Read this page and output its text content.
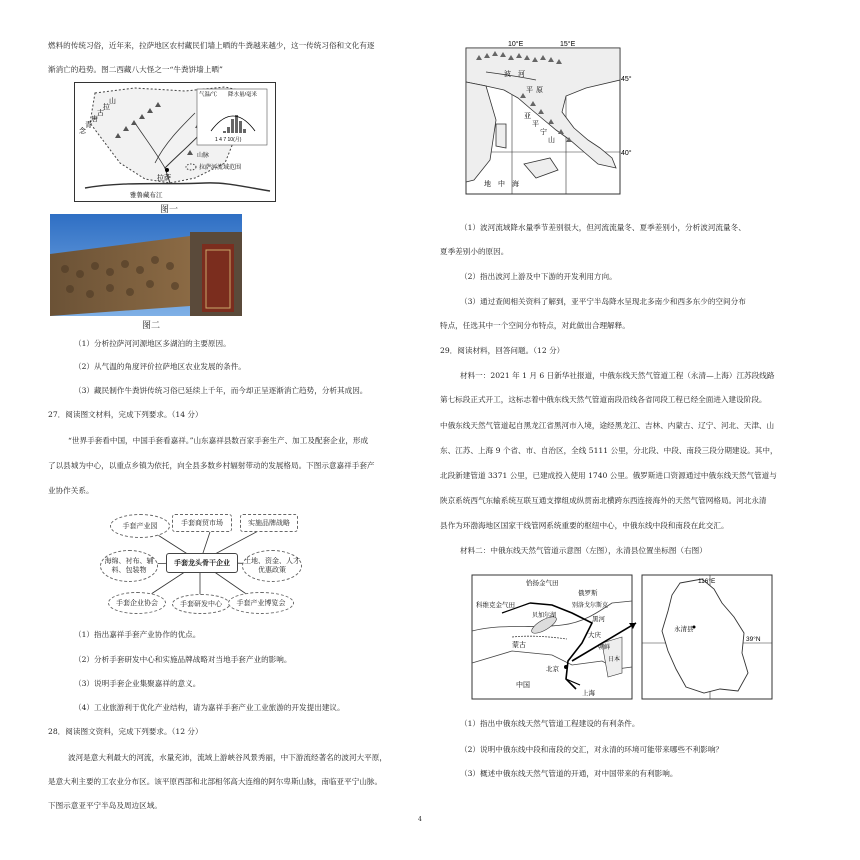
燃料的传统习俗，近年来，拉萨地区农村藏民们墙上晒的牛粪越来越少，这一传统习俗和文化有逐
渐消亡的趋势。图二西藏八大怪之一“牛粪饼墙上晒”
念
青
唐
古
拉
山
拉萨
雅鲁藏布江
气温/℃ 降水量/毫米
1 4 7 10(月)
山脉
拉萨河流域范围
图一
图二
（1）分析拉萨河河源地区多湖泊的主要原因。
（2）从气温的角度评价拉萨地区农业发展的条件。
（3）藏民制作牛粪饼传统习俗已延续上千年，而今却正呈逐渐消亡趋势，分析其成因。
27．阅读图文材料，完成下列要求。（14 分）
“世界手套看中国，中国手套看嘉祥。”山东嘉祥县数百家手套生产、加工及配套企业，形成
了以县城为中心，以重点乡镇为依托，向全县多数乡村辐射带动的发展格局。下图示意嘉祥手套产
业协作关系。
手套产业园	手套商贸市场	实施品牌战略
海绵、衬布、辅料、包装物
手套龙头骨干企业	土地、资金、人才优惠政策
手套企业协会	手套研发中心	手套产业博览会
（1）指出嘉祥手套产业协作的优点。
（2）分析手套研发中心和实施品牌战略对当地手套产业的影响。
（3）说明手套企业集聚嘉祥的意义。
（4）工业旅游利于优化产业结构，请为嘉祥手套产业工业旅游的开发提出建议。
28．阅读图文资料，完成下列要求。（12 分）
波河是意大利最大的河流，水量充沛，流域上游峡谷风景秀丽，中下游流经著名的波河大平原，
是意大利主要的工农业分布区。该平原西部和北部相邻高大连绵的阿尔卑斯山脉，南临亚平宁山脉。
下图示意亚平宁半岛及周边区域。
10°E	15°E
45°
40°
波 河
平 原
亚
平
宁
山
地 中 海
（1）波河流域降水量季节差别很大，但河流流量冬、夏季差别小，分析波河流量冬、
夏季差别小的原因。
（2）指出波河上游及中下游的开发利用方向。
（3）通过查阅相关资料了解到，亚平宁半岛降水呈现北多南少和西多东少的空间分布
特点，任选其中一个空间分布特点，对此做出合理解释。
29．阅读材料，回答问题。（12 分）
材料一：2021 年 1 月 6 日新华社报道，中俄东线天然气管道工程（永清—上海）江苏段线路
第七标段正式开工，这标志着中俄东线天然气管道南段沿线各省同段工程已经全面进入建设阶段。
中俄东线天然气管道起自黑龙江省黑河市入境，途经黑龙江、吉林、内蒙古、辽宁、河北、天津、山
东、江苏、上海 9 个省、市、自治区，全线 5111 公里，分北段、中段、南段三段分期建设。其中，
北段新建管道 3371 公里，已建成投入使用 1740 公里。俄罗斯进口资源通过中俄东线天然气管道与
陕京系统西气东输系统互联互通支撑组成纵贯南北横跨东西连接海外的天然气管网格局。河北永清
县作为环渤海地区国家干线管网系统重要的枢纽中心，中俄东线中段和南段在此交汇。
材料二：中俄东线天然气管道示意图（左图），永清县位置坐标图（右图）
恰扬金气田
俄罗斯
科维克金气田
贝加尔湖
别洛戈尔斯克
黑河
大庆
蒙古
北京
上海
中国
日本
朝鲜
116°E
永清县
39°N
（1）指出中俄东线天然气管道工程建设的有利条件。
（2）说明中俄东线中段和南段的交汇，对永清的环境可能带来哪些不利影响？
（3）概述中俄东线天然气管道的开通，对中国带来的有利影响。
4
